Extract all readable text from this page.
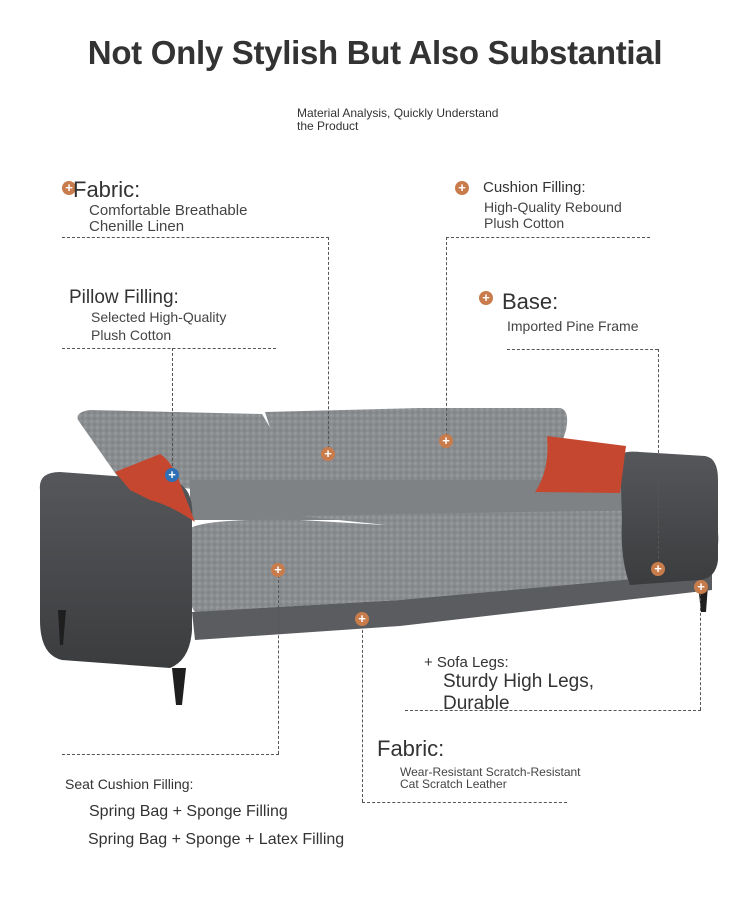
Not Only Stylish But Also Substantial
Material Analysis, Quickly Understand the Product
+
+
+
+
+
+
+
+ Fabric:
Comfortable Breathable Chenille Linen
+ Cushion Filling:
High-Quality Rebound Plush Cotton
Pillow Filling:
Selected High-Quality Plush Cotton
+ Base:
Imported Pine Frame
+ Sofa Legs:
Sturdy High Legs, Durable
Fabric:
Wear-Resistant Scratch-Resistant Cat Scratch Leather
Seat Cushion Filling:
Spring Bag + Sponge Filling
Spring Bag + Sponge + Latex Filling
